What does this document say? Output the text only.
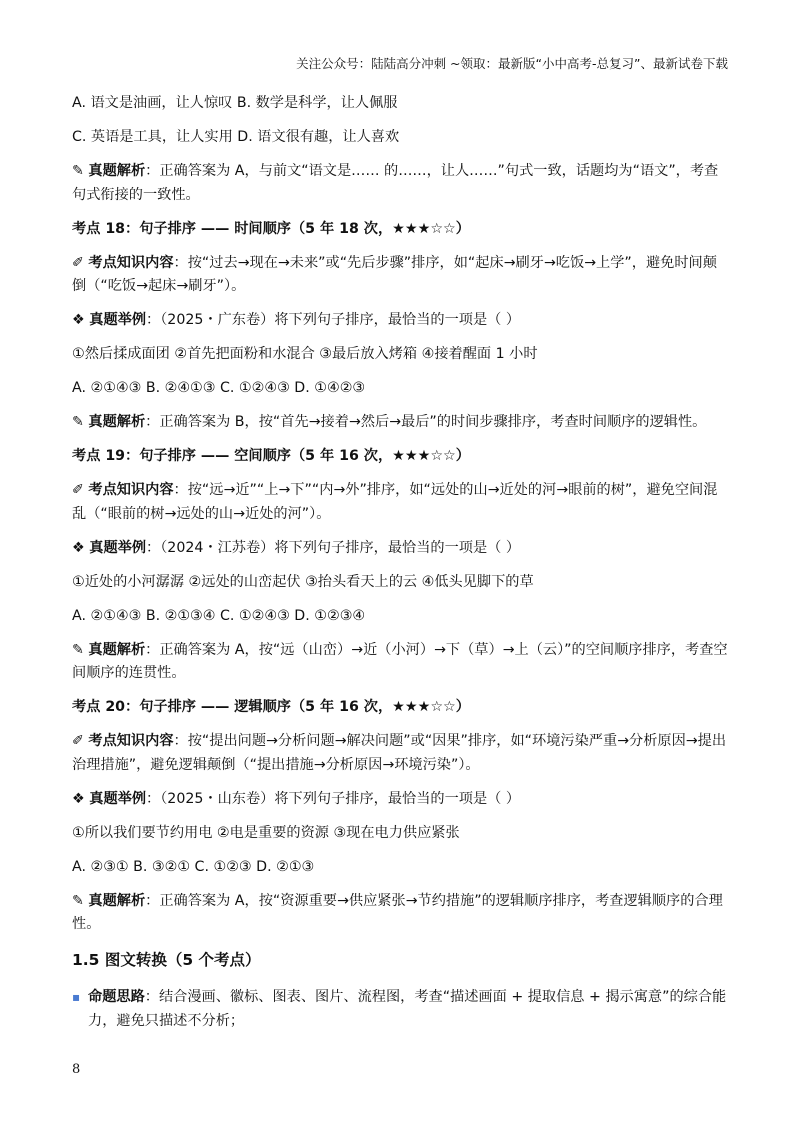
关注公众号：陆陆高分冲刺 ~领取：最新版“小中高考-总复习”、最新试卷下载

A. 语文是油画，让人惊叹 B. 数学是科学，让人佩服

C. 英语是工具，让人实用 D. 语文很有趣，让人喜欢

✎ 真题解析：正确答案为 A，与前文“语文是…… 的……，让人……”句式一致，话题均为“语文”，考查句式衔接的一致性。

考点 18：句子排序 —— 时间顺序（5 年 18 次，★★★☆☆）

✐ 考点知识内容：按“过去→现在→未来”或“先后步骤”排序，如“起床→刷牙→吃饭→上学”，避免时间颠倒（“吃饭→起床→刷牙”）。

❖ 真题举例：（2025・广东卷）将下列句子排序，最恰当的一项是（ ）

①然后揉成面团 ②首先把面粉和水混合 ③最后放入烤箱 ④接着醒面 1 小时

A. ②①④③ B. ②④①③ C. ①②④③ D. ①④②③

✎ 真题解析：正确答案为 B，按“首先→接着→然后→最后”的时间步骤排序，考查时间顺序的逻辑性。

考点 19：句子排序 —— 空间顺序（5 年 16 次，★★★☆☆）

✐ 考点知识内容：按“远→近”“上→下”“内→外”排序，如“远处的山→近处的河→眼前的树”，避免空间混乱（“眼前的树→远处的山→近处的河”）。

❖ 真题举例：（2024・江苏卷）将下列句子排序，最恰当的一项是（ ）

①近处的小河潺潺 ②远处的山峦起伏 ③抬头看天上的云 ④低头见脚下的草

A. ②①④③ B. ②①③④ C. ①②④③ D. ①②③④

✎ 真题解析：正确答案为 A，按“远（山峦）→近（小河）→下（草）→上（云）”的空间顺序排序，考查空间顺序的连贯性。

考点 20：句子排序 —— 逻辑顺序（5 年 16 次，★★★☆☆）

✐ 考点知识内容：按“提出问题→分析问题→解决问题”或“因果”排序，如“环境污染严重→分析原因→提出治理措施”，避免逻辑颠倒（“提出措施→分析原因→环境污染”）。

❖ 真题举例：（2025・山东卷）将下列句子排序，最恰当的一项是（ ）

①所以我们要节约用电 ②电是重要的资源 ③现在电力供应紧张

A. ②③① B. ③②① C. ①②③ D. ②①③

✎ 真题解析：正确答案为 A，按“资源重要→供应紧张→节约措施”的逻辑顺序排序，考查逻辑顺序的合理性。

1.5 图文转换（5 个考点）

▪ 命题思路：结合漫画、徽标、图表、图片、流程图，考查“描述画面 + 提取信息 + 揭示寓意”的综合能力，避免只描述不分析；

8
